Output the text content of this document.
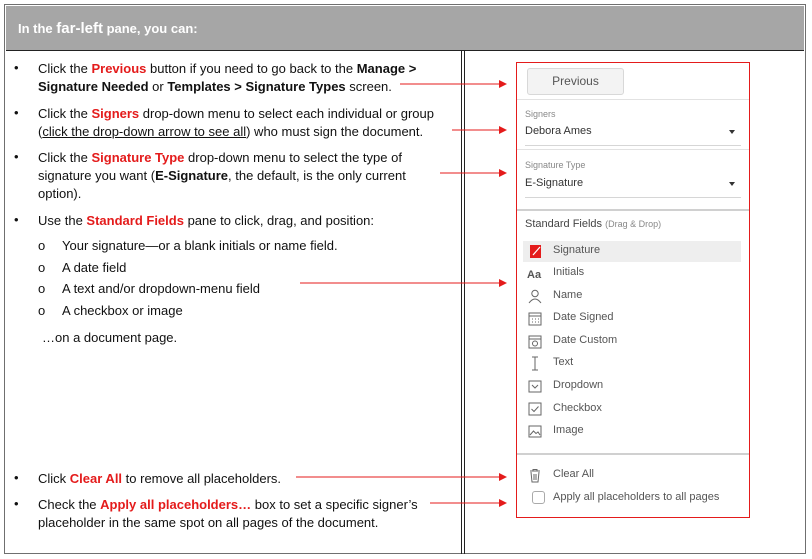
In the far-left pane, you can:
• Click the Previous button if you need to go back to the Manage >
Signature Needed or Templates > Signature Types screen.
• Click the Signers drop-down menu to select each individual or group
(click the drop-down arrow to see all) who must sign the document.
• Click the Signature Type drop-down menu to select the type of
signature you want (E-Signature, the default, is the only current
option).
• Use the Standard Fields pane to click, drag, and position:
o Your signature—or a blank initials or name field.
o A date field
o A text and/or dropdown-menu field
o A checkbox or image
…on a document page.
• Click Clear All to remove all placeholders.
• Check the Apply all placeholders… box to set a specific signer’s
placeholder in the same spot on all pages of the document.
Previous
Signers
Debora Ames
Signature Type
E-Signature
Standard Fields (Drag & Drop)
Signature
Aa Initials
Name
Date Signed
Date Custom
Text
Dropdown
Checkbox
Image
Clear All
Apply all placeholders to all pages
